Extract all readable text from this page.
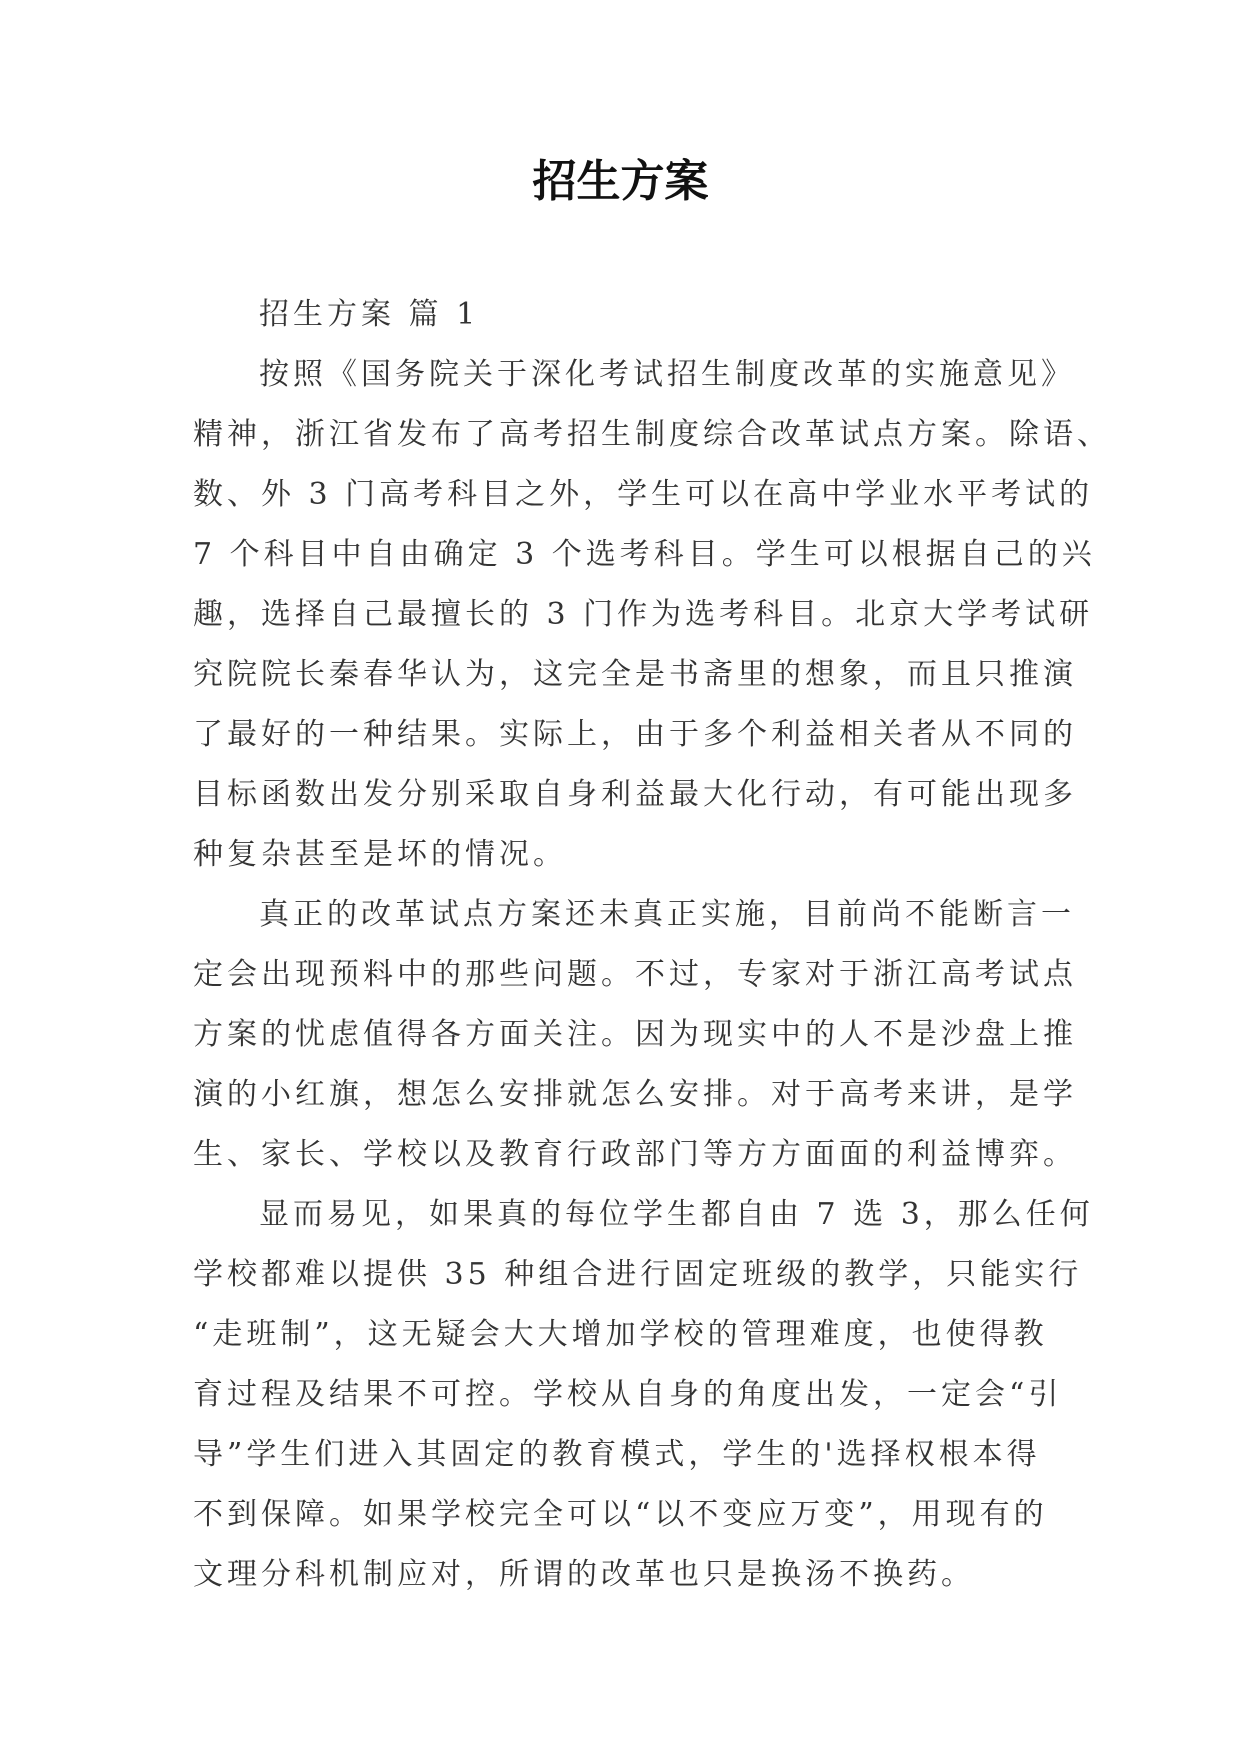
招生方案
招生方案 篇 1
按照《国务院关于深化考试招生制度改革的实施意见》
精神，浙江省发布了高考招生制度综合改革试点方案。除语、
数、外 3 门高考科目之外，学生可以在高中学业水平考试的
7 个科目中自由确定 3 个选考科目。学生可以根据自己的兴
趣，选择自己最擅长的 3 门作为选考科目。北京大学考试研
究院院长秦春华认为，这完全是书斋里的想象，而且只推演
了最好的一种结果。实际上，由于多个利益相关者从不同的
目标函数出发分别采取自身利益最大化行动，有可能出现多
种复杂甚至是坏的情况。
真正的改革试点方案还未真正实施，目前尚不能断言一
定会出现预料中的那些问题。不过，专家对于浙江高考试点
方案的忧虑值得各方面关注。因为现实中的人不是沙盘上推
演的小红旗，想怎么安排就怎么安排。对于高考来讲，是学
生、家长、学校以及教育行政部门等方方面面的利益博弈。
显而易见，如果真的每位学生都自由 7 选 3，那么任何
学校都难以提供 35 种组合进行固定班级的教学，只能实行
“走班制”，这无疑会大大增加学校的管理难度，也使得教
育过程及结果不可控。学校从自身的角度出发，一定会“引
导”学生们进入其固定的教育模式，学生的'选择权根本得
不到保障。如果学校完全可以“以不变应万变”，用现有的
文理分科机制应对，所谓的改革也只是换汤不换药。
